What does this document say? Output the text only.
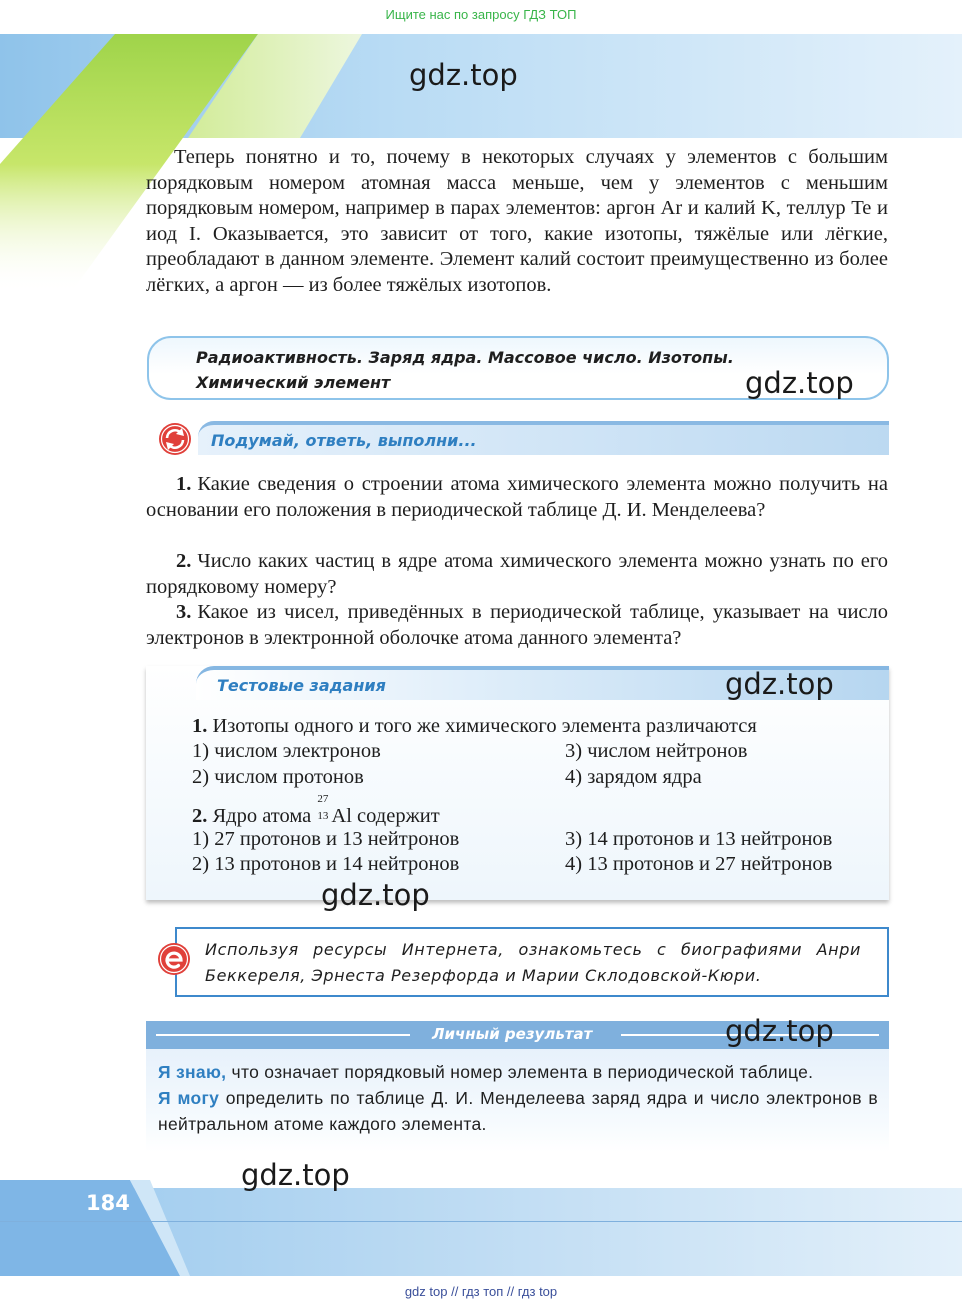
Ищите нас по запросу ГДЗ ТОП
gdz.top
Теперь понятно и то, почему в некоторых случаях у элементов с большим порядковым номером атомная масса меньше, чем у элементов с меньшим порядковым номером, например в парах элементов: аргон Ar и калий K, теллур Te и иод I. Оказывается, это зависит от того, какие изотопы, тяжёлые или лёгкие, преобладают в данном элементе. Элемент калий состоит преимущественно из более лёгких, а аргон — из более тяжёлых изотопов.
Радиоактивность. Заряд ядра. Массовое число. Изотопы.
Химический элемент	gdz.top
Подумай, ответь, выполни...
1. Какие сведения о строении атома химического элемента можно получить на основании его положения в периодической таблице Д. И. Менделеева?
2. Число каких частиц в ядре атома химического элемента можно узнать по его порядковому номеру?
3. Какое из чисел, приведённых в периодической таблице, указывает на число электронов в электронной оболочке атома данного элемента?
Тестовые задания
1. Изотопы одного и того же химического элемента различаются
1) числом электронов
2) числом протонов
3) числом нейтронов
4) зарядом ядра
2. Ядро атома
27
13 Al содержит
1) 27 протонов и 13 нейтронов
2) 13 протонов и 14 нейтронов
3) 14 протонов и 13 нейтронов
4) 13 протонов и 27 нейтронов
gdz.top
gdz.top
Используя ресурсы Интернета, ознакомьтесь с биографиями Анри Беккереля, Эрнеста Резерфорда и Марии Склодовской-Кюри.
Личный результат	gdz.top
Я знаю, что означает порядковый номер элемента в периодической таблице.
Я могу определить по таблице Д. И. Менделеева заряд ядра и число электронов в нейтральном атоме каждого элемента.
184
gdz.top
gdz top // гдз топ // гдз top
